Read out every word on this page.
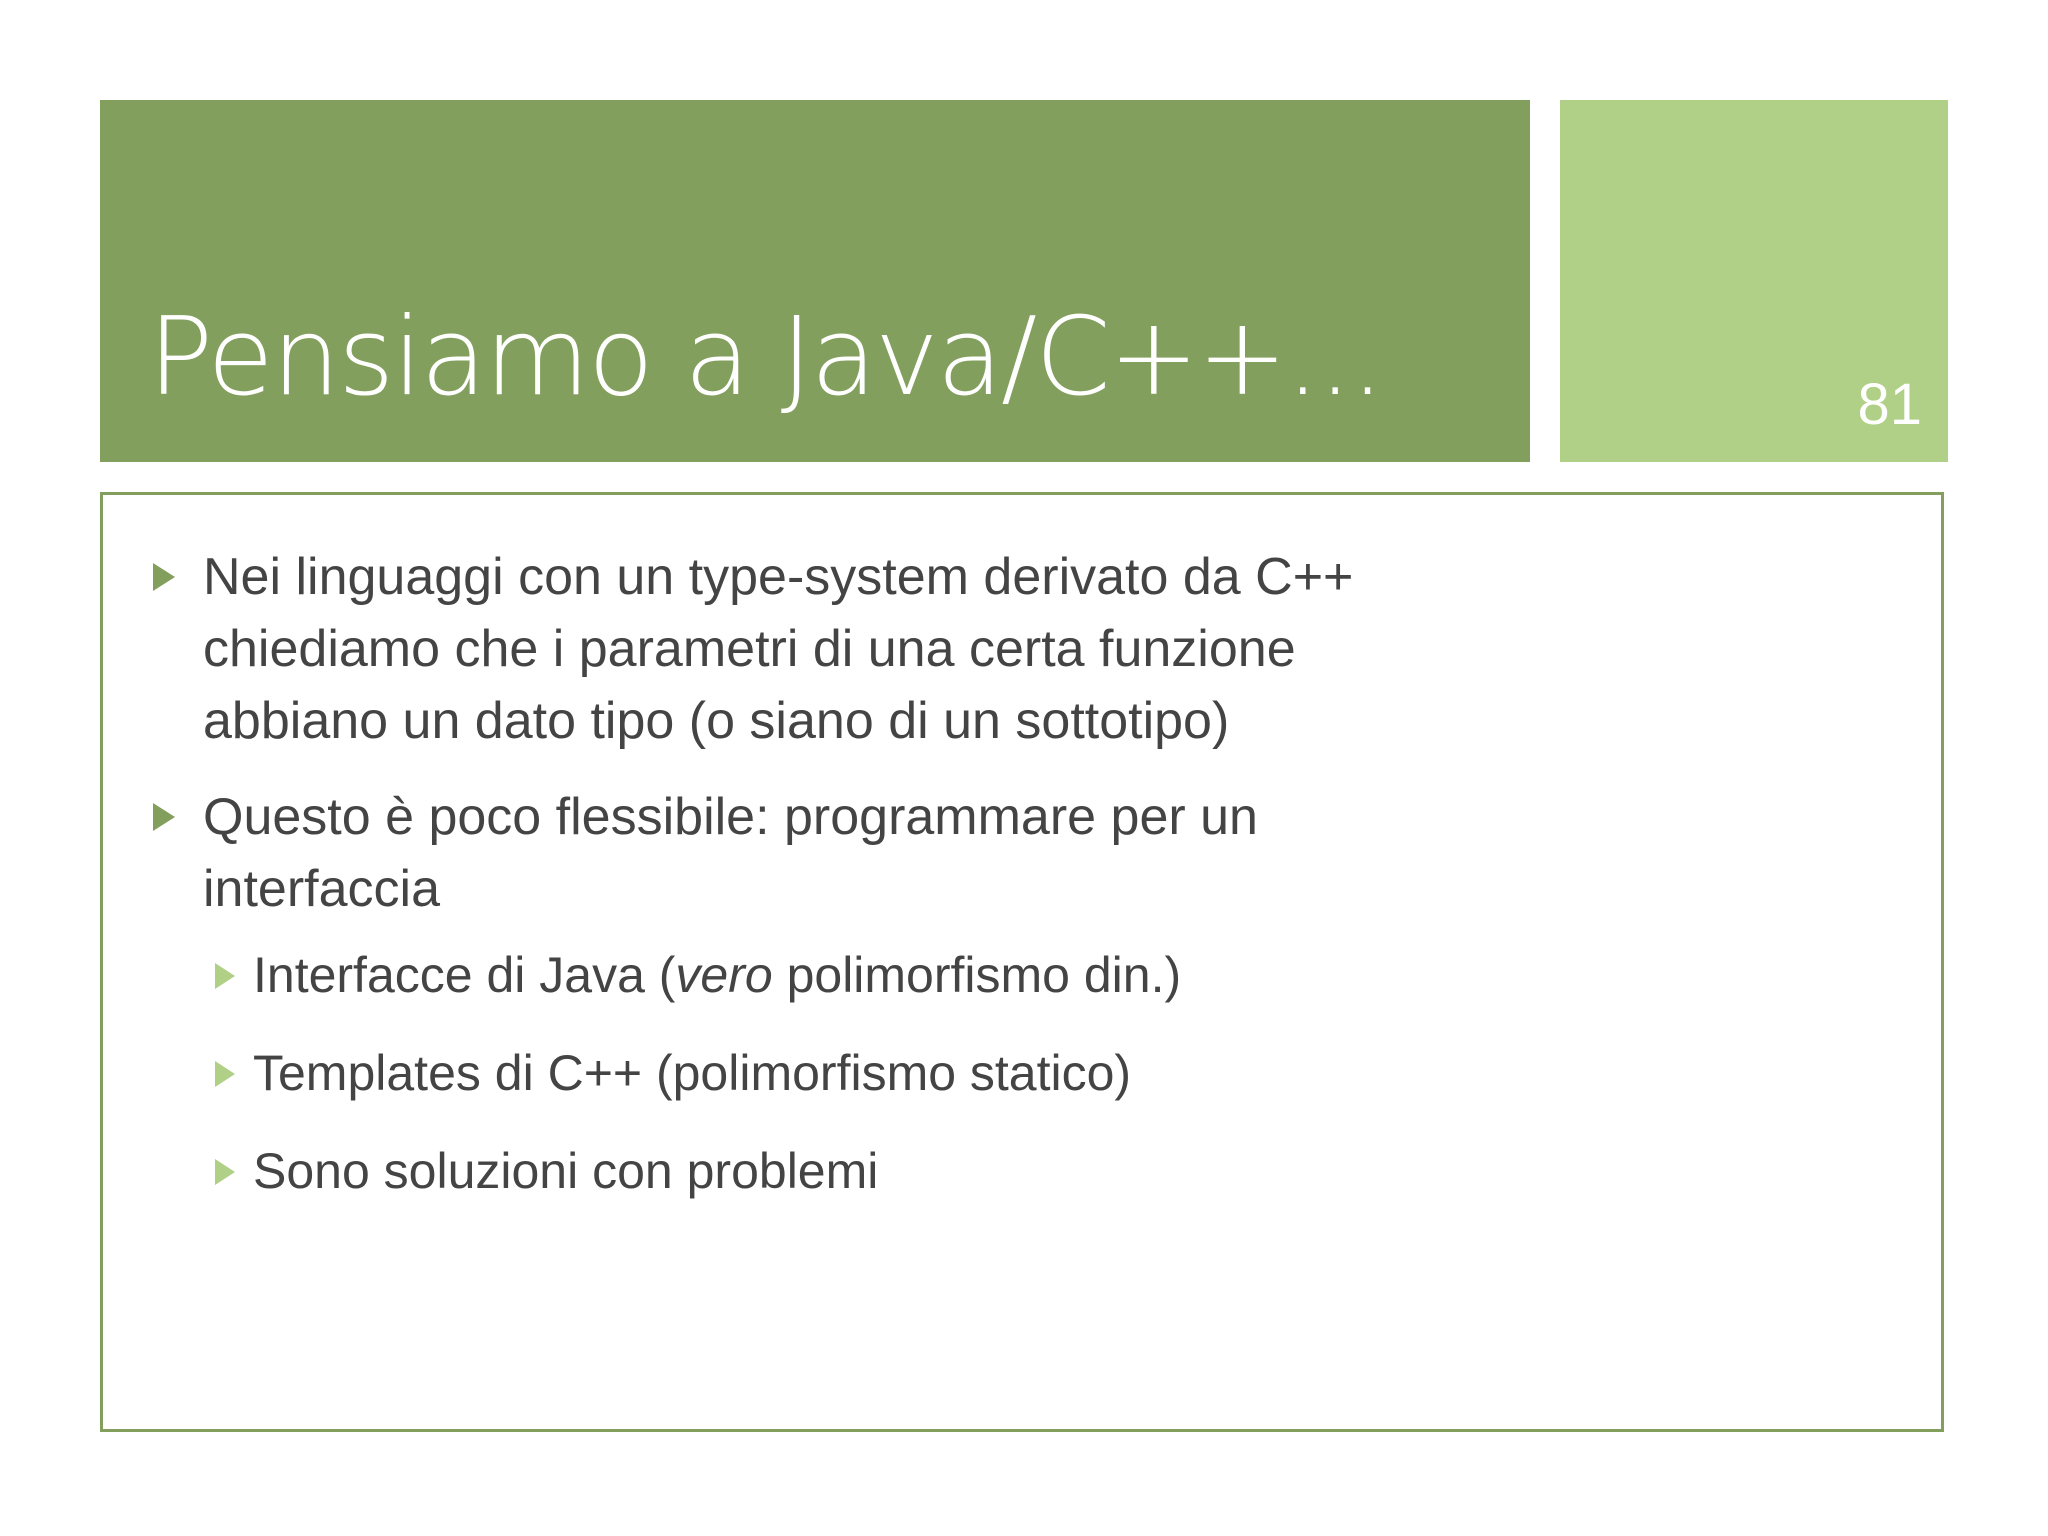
Pensiamo a Java/C++...	81
Nei linguaggi con un type-system derivato da C++ chiediamo che i parametri di una certa funzione abbiano un dato tipo (o siano di un sottotipo)
Questo è poco flessibile: programmare per un interfaccia
Interfacce di Java (vero polimorfismo din.)
Templates di C++ (polimorfismo statico)
Sono soluzioni con problemi
